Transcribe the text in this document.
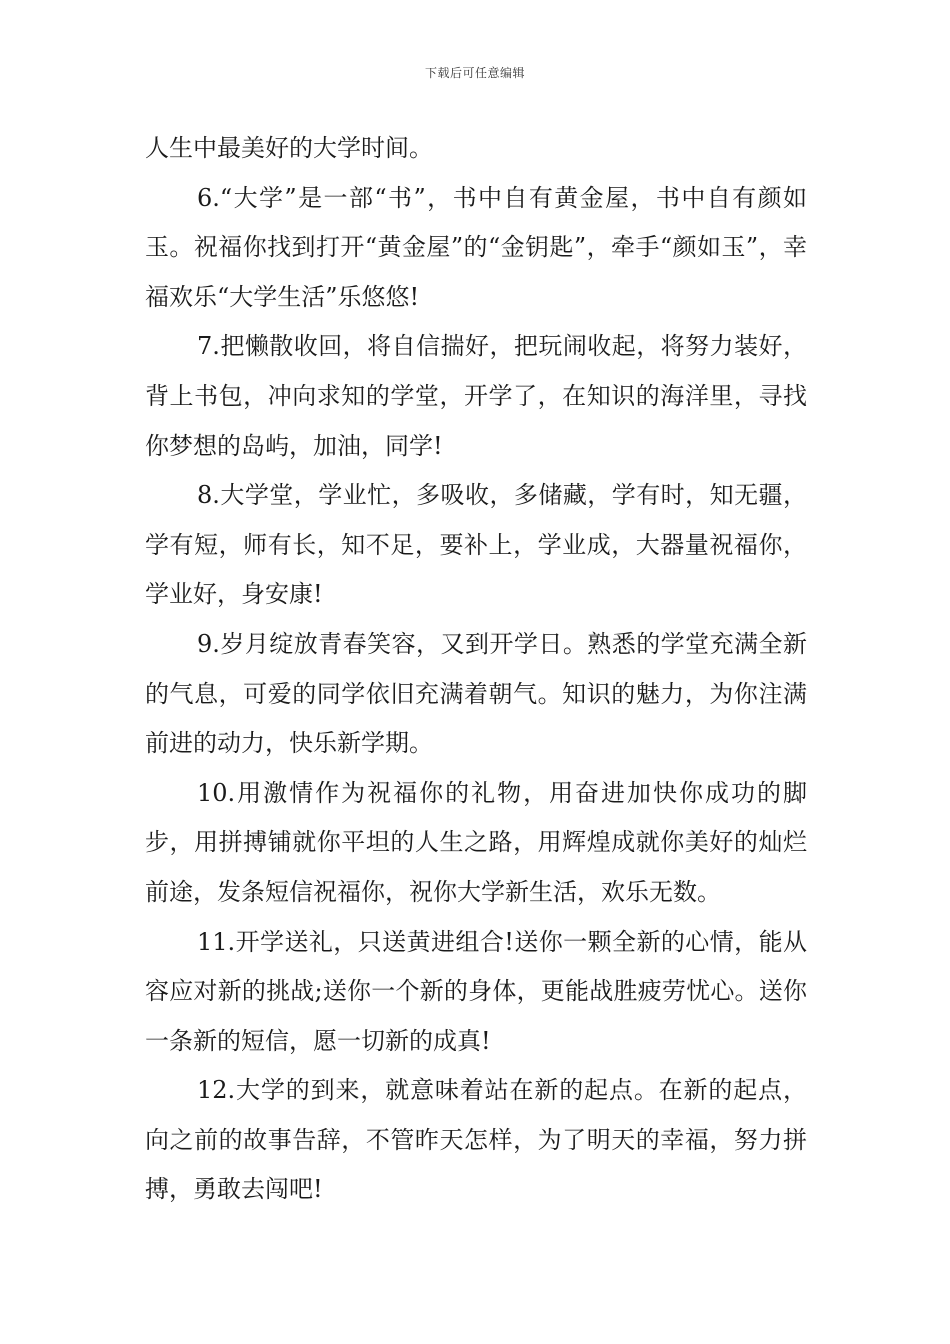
下载后可任意编辑

人生中最美好的大学时间。

6.“大学”是一部“书”，书中自有黄金屋，书中自有颜如玉。祝福你找到打开“黄金屋”的“金钥匙”，牵手“颜如玉”，幸福欢乐“大学生活”乐悠悠!

7.把懒散收回，将自信揣好，把玩闹收起，将努力装好，背上书包，冲向求知的学堂，开学了，在知识的海洋里，寻找你梦想的岛屿，加油，同学!

8.大学堂，学业忙，多吸收，多储藏，学有时，知无疆，学有短，师有长，知不足，要补上，学业成，大器量祝福你，学业好，身安康!

9.岁月绽放青春笑容，又到开学日。熟悉的学堂充满全新的气息，可爱的同学依旧充满着朝气。知识的魅力，为你注满前进的动力，快乐新学期。

10.用激情作为祝福你的礼物，用奋进加快你成功的脚步，用拼搏铺就你平坦的人生之路，用辉煌成就你美好的灿烂前途，发条短信祝福你，祝你大学新生活，欢乐无数。

11.开学送礼，只送黄进组合!送你一颗全新的心情，能从容应对新的挑战;送你一个新的身体，更能战胜疲劳忧心。送你一条新的短信，愿一切新的成真!

12.大学的到来，就意味着站在新的起点。在新的起点，向之前的故事告辞，不管昨天怎样，为了明天的幸福，努力拼搏，勇敢去闯吧!
